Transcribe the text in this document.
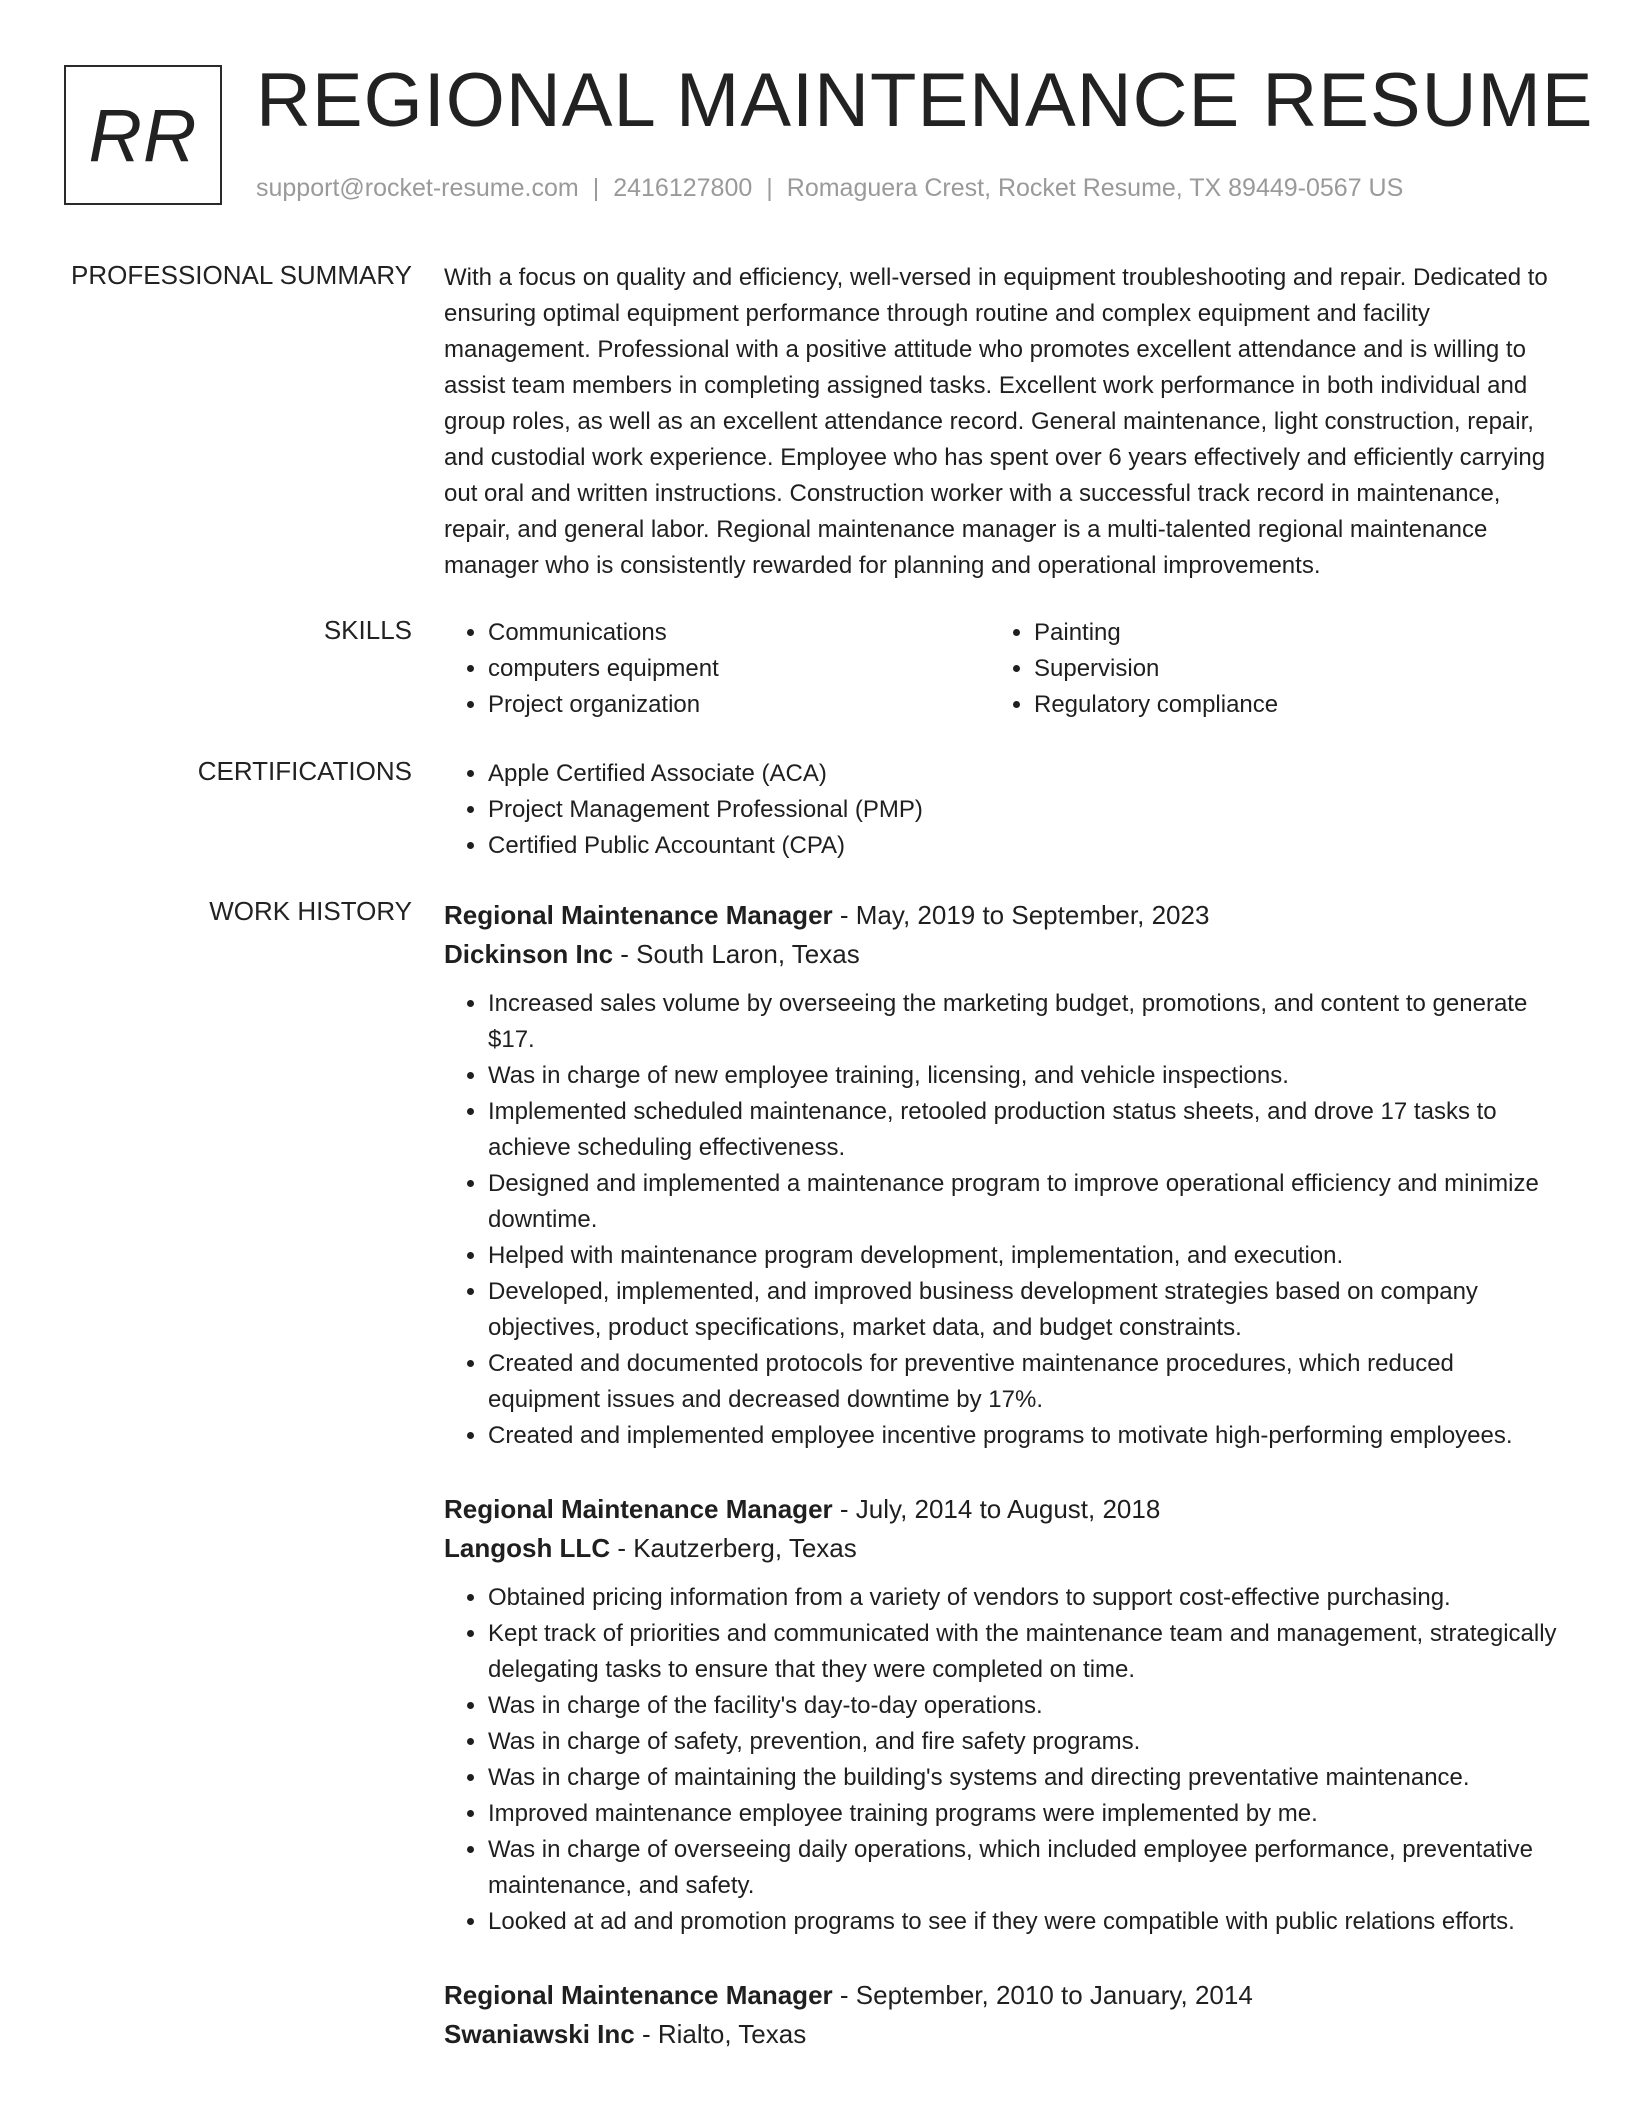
RR REGIONAL MAINTENANCE RESUME
support@rocket-resume.com | 2416127800 | Romaguera Crest, Rocket Resume, TX 89449-0567 US
PROFESSIONAL SUMMARY With a focus on quality and efficiency, well-versed in equipment troubleshooting and repair. Dedicated to ensuring optimal equipment performance through routine and complex equipment and facility management. Professional with a positive attitude who promotes excellent attendance and is willing to assist team members in completing assigned tasks. Excellent work performance in both individual and group roles, as well as an excellent attendance record. General maintenance, light construction, repair, and custodial work experience. Employee who has spent over 6 years effectively and efficiently carrying out oral and written instructions. Construction worker with a successful track record in maintenance, repair, and general labor. Regional maintenance manager is a multi-talented regional maintenance manager who is consistently rewarded for planning and operational improvements.

SKILLS	• Communications
• computers equipment
• Project organization
• Painting
• Supervision
• Regulatory compliance
CERTIFICATIONS	• Apple Certified Associate (ACA)
• Project Management Professional (PMP)
• Certified Public Accountant (CPA)
WORK HISTORY Regional Maintenance Manager - May, 2019 to September, 2023
Dickinson Inc - South Laron, Texas
• Increased sales volume by overseeing the marketing budget, promotions, and content to generate $17.
• Was in charge of new employee training, licensing, and vehicle inspections.
• Implemented scheduled maintenance, retooled production status sheets, and drove 17 tasks to achieve scheduling effectiveness.
• Designed and implemented a maintenance program to improve operational efficiency and minimize downtime.
• Helped with maintenance program development, implementation, and execution.
• Developed, implemented, and improved business development strategies based on company objectives, product specifications, market data, and budget constraints.
• Created and documented protocols for preventive maintenance procedures, which reduced equipment issues and decreased downtime by 17%.
• Created and implemented employee incentive programs to motivate high-performing employees.
Regional Maintenance Manager - July, 2014 to August, 2018
Langosh LLC - Kautzerberg, Texas
• Obtained pricing information from a variety of vendors to support cost-effective purchasing.
• Kept track of priorities and communicated with the maintenance team and management, strategically delegating tasks to ensure that they were completed on time.
• Was in charge of the facility's day-to-day operations.
• Was in charge of safety, prevention, and fire safety programs.
• Was in charge of maintaining the building's systems and directing preventative maintenance.
• Improved maintenance employee training programs were implemented by me.
• Was in charge of overseeing daily operations, which included employee performance, preventative maintenance, and safety.
• Looked at ad and promotion programs to see if they were compatible with public relations efforts.
Regional Maintenance Manager - September, 2010 to January, 2014
Swaniawski Inc - Rialto, Texas
